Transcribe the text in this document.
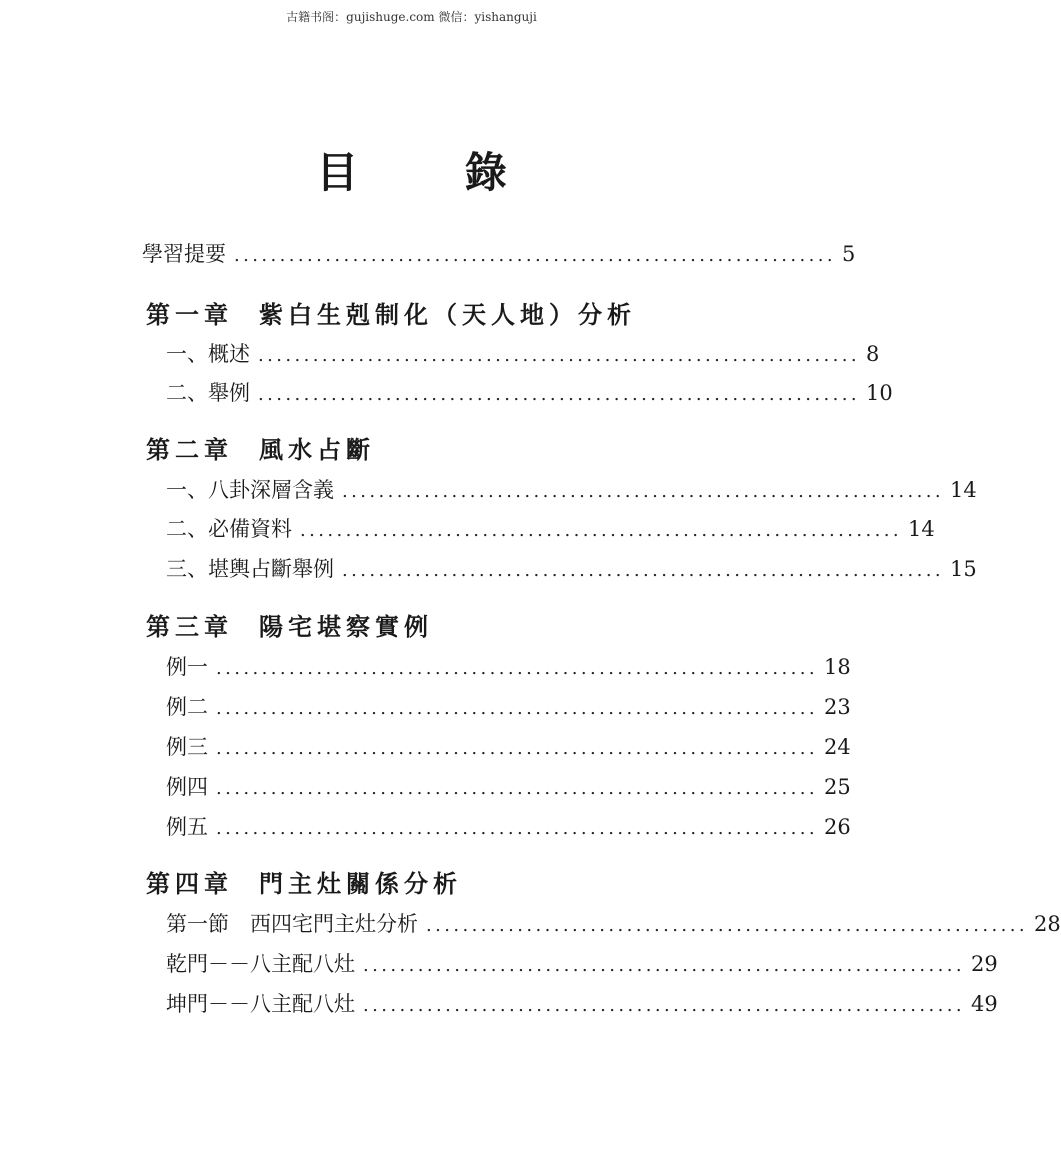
古籍书阁：gujishuge.com 微信：yishanguji
目 錄
學習提要 .................................................................. 5
第一章 紫白生剋制化（天人地）分析
一、概述 .................................................................. 8
二、舉例 .................................................................. 10
第二章 風水占斷
一、八卦深層含義 .................................................................. 14
二、必備資料 .................................................................. 14
三、堪輿占斷舉例 .................................................................. 15
第三章 陽宅堪察實例
例一 .................................................................. 18
例二 .................................................................. 23
例三 .................................................................. 24
例四 .................................................................. 25
例五 .................................................................. 26
第四章 門主灶關係分析
第一節　西四宅門主灶分析 .................................................................. 28
乾門－－八主配八灶 .................................................................. 29
坤門－－八主配八灶 .................................................................. 49
